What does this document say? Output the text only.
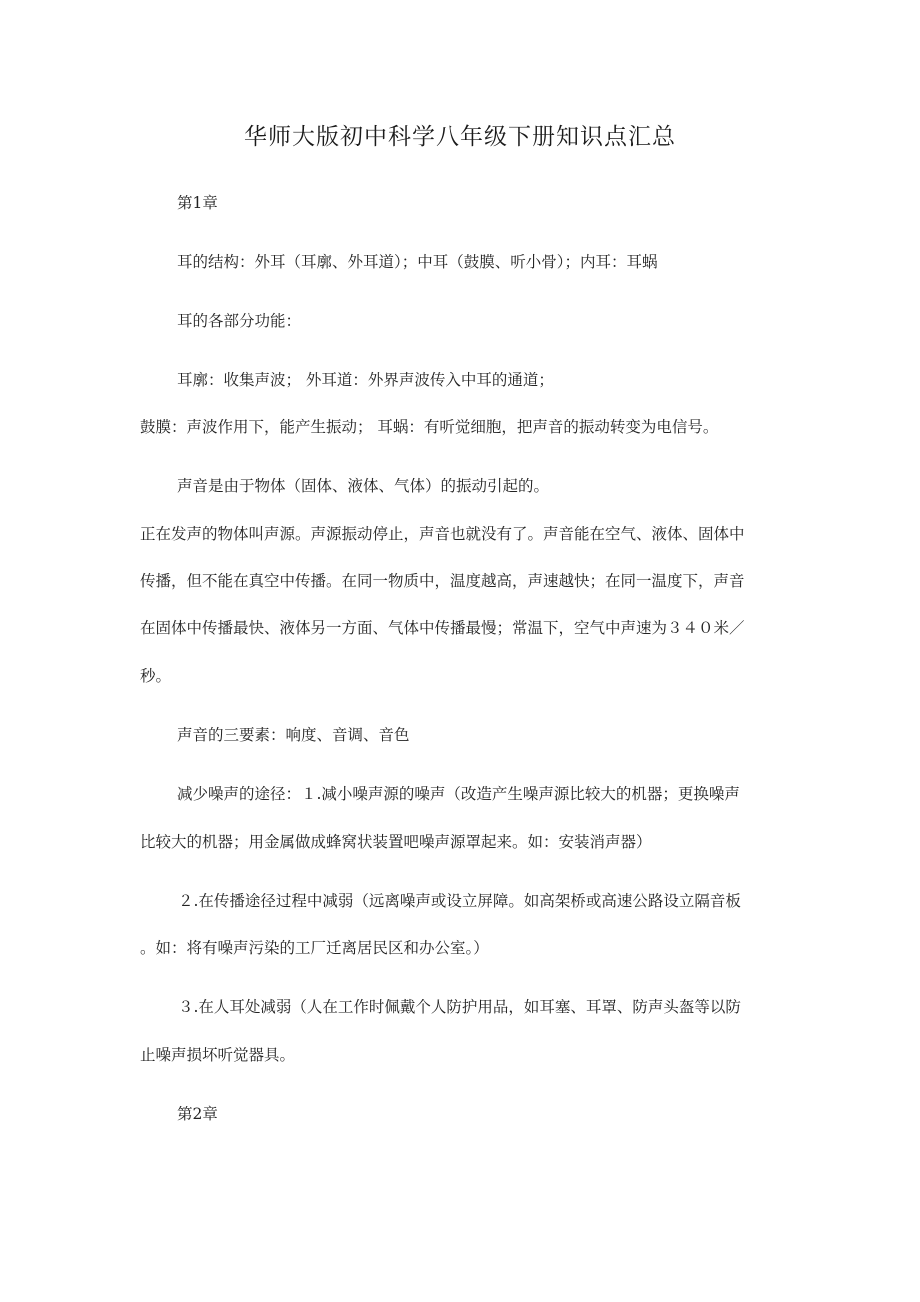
华师大版初中科学八年级下册知识点汇总
第1章
耳的结构：外耳（耳廓、外耳道）；中耳（鼓膜、听小骨）；内耳：耳蜗
耳的各部分功能：
耳廓：收集声波； 外耳道：外界声波传入中耳的通道；
鼓膜：声波作用下，能产生振动； 耳蜗：有听觉细胞，把声音的振动转变为电信号。
声音是由于物体（固体、液体、气体）的振动引起的。
正在发声的物体叫声源。声源振动停止，声音也就没有了。声音能在空气、液体、固体中
传播，但不能在真空中传播。在同一物质中，温度越高，声速越快；在同一温度下，声音
在固体中传播最快、液体另一方面、气体中传播最慢；常温下，空气中声速为３４０米／
秒。
声音的三要素：响度、音调、音色
减少噪声的途径：１.减小噪声源的噪声（改造产生噪声源比较大的机器；更换噪声
比较大的机器；用金属做成蜂窝状装置吧噪声源罩起来。如：安装消声器）
２.在传播途径过程中减弱（远离噪声或设立屏障。如高架桥或高速公路设立隔音板
。如：将有噪声污染的工厂迁离居民区和办公室。）
３.在人耳处减弱（人在工作时佩戴个人防护用品，如耳塞、耳罩、防声头盔等以防
止噪声损坏听觉器具。
第2章
